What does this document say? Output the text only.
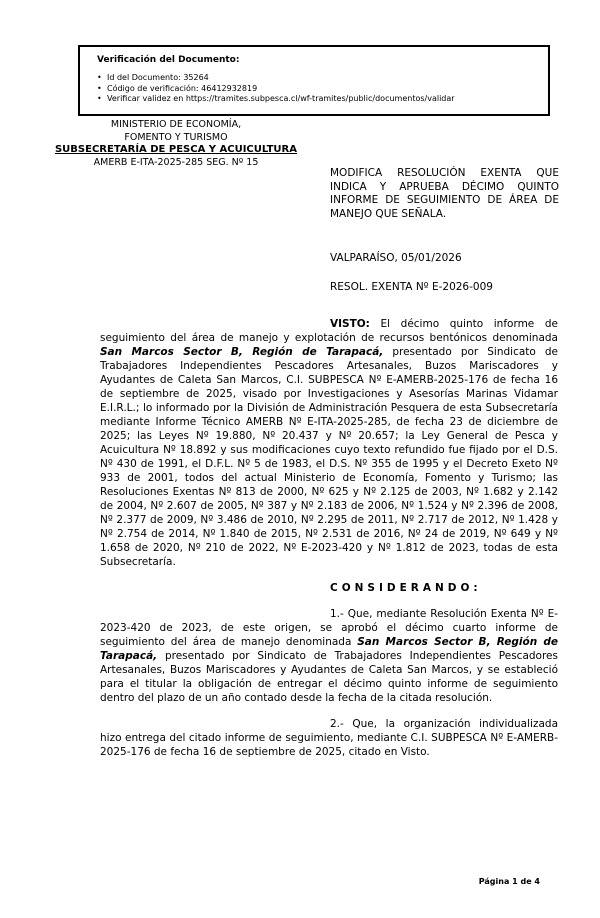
Verificación del Documento:
• Id del Documento: 35264
• Código de verificación: 46412932819
• Verificar validez en https://tramites.subpesca.cl/wf-tramites/public/documentos/validar
MINISTERIO DE ECONOMÍA,
FOMENTO Y TURISMO
SUBSECRETARÍA DE PESCA Y ACUICULTURA
AMERB E-ITA-2025-285 SEG. Nº 15
MODIFICA RESOLUCIÓN EXENTA QUE INDICA Y APRUEBA DÉCIMO QUINTO INFORME DE SEGUIMIENTO DE ÁREA DE MANEJO QUE SEÑALA.
VALPARAÍSO, 05/01/2026
RESOL. EXENTA Nº E-2026-009

VISTO: El décimo quinto informe de seguimiento del área de manejo y explotación de recursos bentónicos denominada San Marcos Sector B, Región de Tarapacá, presentado por Sindicato de Trabajadores Independientes Pescadores Artesanales, Buzos Mariscadores y Ayudantes de Caleta San Marcos, C.I. SUBPESCA Nº E-AMERB-2025-176 de fecha 16 de septiembre de 2025, visado por Investigaciones y Asesorías Marinas Vidamar E.I.R.L.; lo informado por la División de Administración Pesquera de esta Subsecretaría mediante Informe Técnico AMERB Nº E-ITA-2025-285, de fecha 23 de diciembre de 2025; las Leyes Nº 19.880, Nº 20.437 y Nº 20.657; la Ley General de Pesca y Acuicultura Nº 18.892 y sus modificaciones cuyo texto refundido fue fijado por el D.S. Nº 430 de 1991, el D.F.L. Nº 5 de 1983, el D.S. Nº 355 de 1995 y el Decreto Exeto Nº 933 de 2001, todos del actual Ministerio de Economía, Fomento y Turismo; las Resoluciones Exentas Nº 813 de 2000, Nº 625 y Nº 2.125 de 2003, Nº 1.682 y 2.142 de 2004, Nº 2.607 de 2005, Nº 387 y Nº 2.183 de 2006, Nº 1.524 y Nº 2.396 de 2008, Nº 2.377 de 2009, Nº 3.486 de 2010, Nº 2.295 de 2011, Nº 2.717 de 2012, Nº 1.428 y Nº 2.754 de 2014, Nº 1.840 de 2015, Nº 2.531 de 2016, Nº 24 de 2019, Nº 649 y Nº 1.658 de 2020, Nº 210 de 2022, Nº E-2023-420 y Nº 1.812 de 2023, todas de esta Subsecretaría.

CONSIDERANDO:

1.- Que, mediante Resolución Exenta Nº E-2023-420 de 2023, de este origen, se aprobó el décimo cuarto informe de seguimiento del área de manejo denominada San Marcos Sector B, Región de Tarapacá, presentado por Sindicato de Trabajadores Independientes Pescadores Artesanales, Buzos Mariscadores y Ayudantes de Caleta San Marcos, y se estableció para el titular la obligación de entregar el décimo quinto informe de seguimiento dentro del plazo de un año contado desde la fecha de la citada resolución.

2.- Que, la organización individualizada hizo entrega del citado informe de seguimiento, mediante C.I. SUBPESCA Nº E-AMERB-2025-176 de fecha 16 de septiembre de 2025, citado en Visto.

Página 1 de 4
